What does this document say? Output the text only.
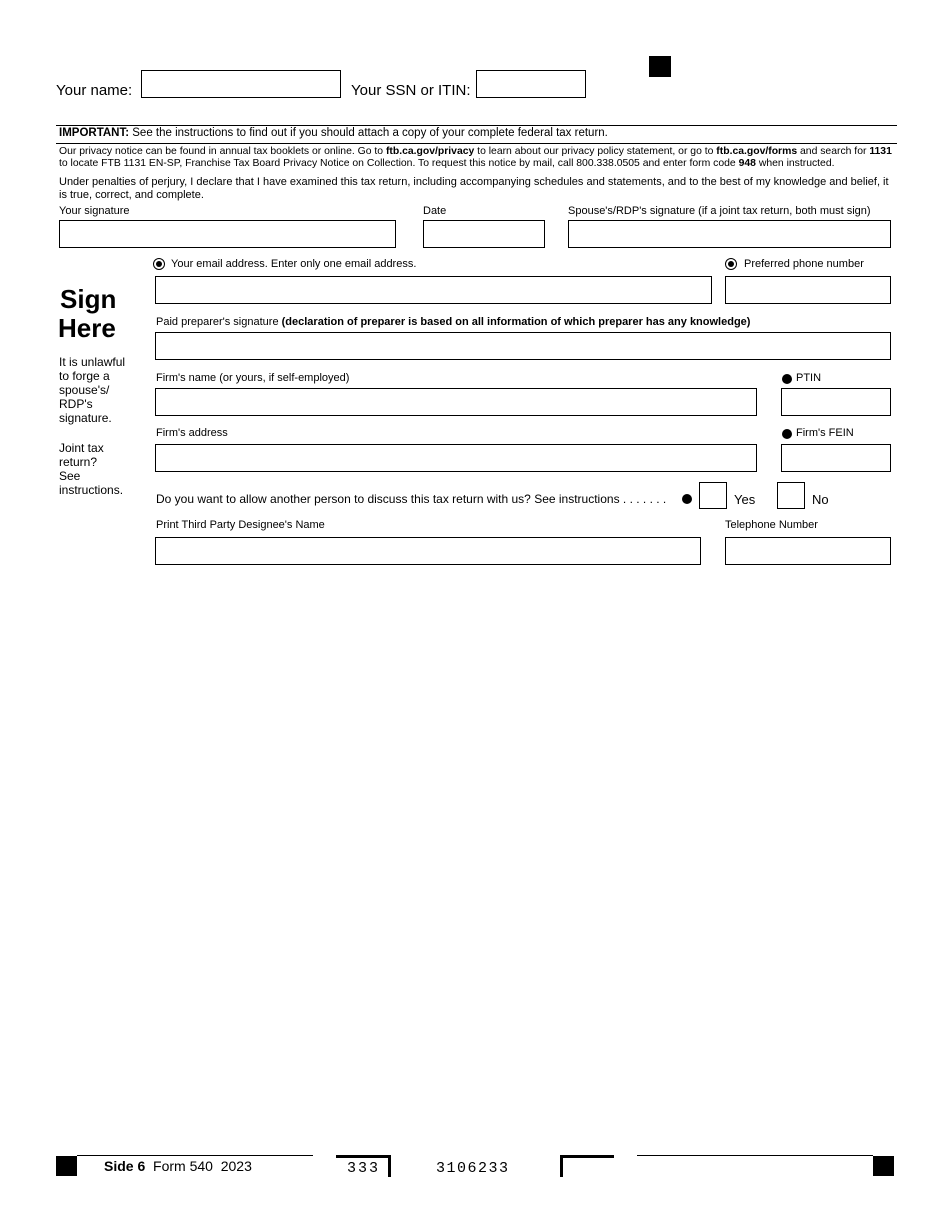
Your name:	Your SSN or ITIN:
IMPORTANT: See the instructions to find out if you should attach a copy of your complete federal tax return.
Our privacy notice can be found in annual tax booklets or online. Go to ftb.ca.gov/privacy to learn about our privacy policy statement, or go to ftb.ca.gov/forms and search for 1131 to locate FTB 1131 EN-SP, Franchise Tax Board Privacy Notice on Collection. To request this notice by mail, call 800.338.0505 and enter form code 948 when instructed.
Under penalties of perjury, I declare that I have examined this tax return, including accompanying schedules and statements, and to the best of my knowledge and belief, it is true, correct, and complete.
Your signature	Date	Spouse's/RDP's signature (if a joint tax return, both must sign)
Sign
Here
It is unlawful
to forge a
spouse's/
RDP's
signature.
Joint tax
return?
See
instructions.
Your email address. Enter only one email address.	Preferred phone number
Paid preparer's signature (declaration of preparer is based on all information of which preparer has any knowledge)
Firm's name (or yours, if self-employed)	PTIN
Firm's address	Firm's FEIN
Do you want to allow another person to discuss this tax return with us? See instructions . . . . . . .	Yes	No
Print Third Party Designee's Name	Telephone Number
Side 6 Form 540 2023	333	3106233
